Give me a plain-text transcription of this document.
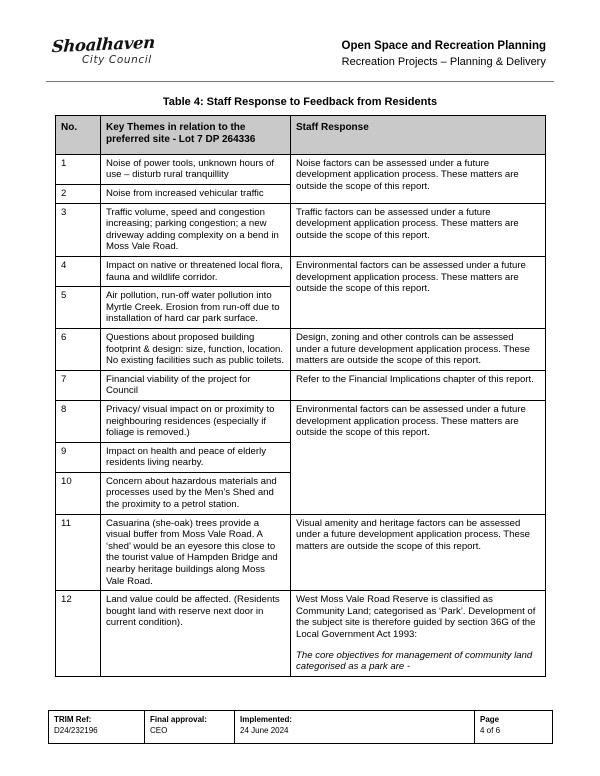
Shoalhaven
City Council
Open Space and Recreation Planning
Recreation Projects – Planning & Delivery
Table 4: Staff Response to Feedback from Residents
No.	Key Themes in relation to the preferred site - Lot 7 DP 264336	Staff Response
1	Noise of power tools, unknown hours of use – disturb rural tranquillity	Noise factors can be assessed under a future development application process. These matters are outside the scope of this report.

2	Noise from increased vehicular traffic	
3	Traffic volume, speed and congestion increasing; parking congestion; a new driveway adding complexity on a bend in Moss Vale Road.	Traffic factors can be assessed under a future development application process. These matters are outside the scope of this report.

4	Impact on native or threatened local flora, fauna and wildlife corridor.	Environmental factors can be assessed under a future development application process. These matters are outside the scope of this report.

5	Air pollution, run-off water pollution into Myrtle Creek. Erosion from run-off due to installation of hard car park surface.	
6	Questions about proposed building footprint & design: size, function, location. No existing facilities such as public toilets.	Design, zoning and other controls can be assessed under a future development application process. These matters are outside the scope of this report.

7	Financial viability of the project for Council	Refer to the Financial Implications chapter of this report.

8	Privacy/ visual impact on or proximity to neighbouring residences (especially if foliage is removed.)	Environmental factors can be assessed under a future development application process. These matters are outside the scope of this report.

9	Impact on health and peace of elderly residents living nearby.	
10	Concern about hazardous materials and processes used by the Men’s Shed and the proximity to a petrol station.	
11	Casuarina (she-oak) trees provide a visual buffer from Moss Vale Road. A ‘shed’ would be an eyesore this close to the tourist value of Hampden Bridge and nearby heritage buildings along Moss Vale Road.	Visual amenity and heritage factors can be assessed under a future development application process. These matters are outside the scope of this report.

12	Land value could be affected. (Residents bought land with reserve next door in current condition).	West Moss Vale Road Reserve is classified as Community Land; categorised as ‘Park’. Development of the subject site is therefore guided by section 36G of the Local Government Act 1993:
The core objectives for management of community land categorised as a park are -
TRIM Ref:
D24/232196

Final approval:
CEO

Implemented:
24 June 2024

Page
4 of 6
